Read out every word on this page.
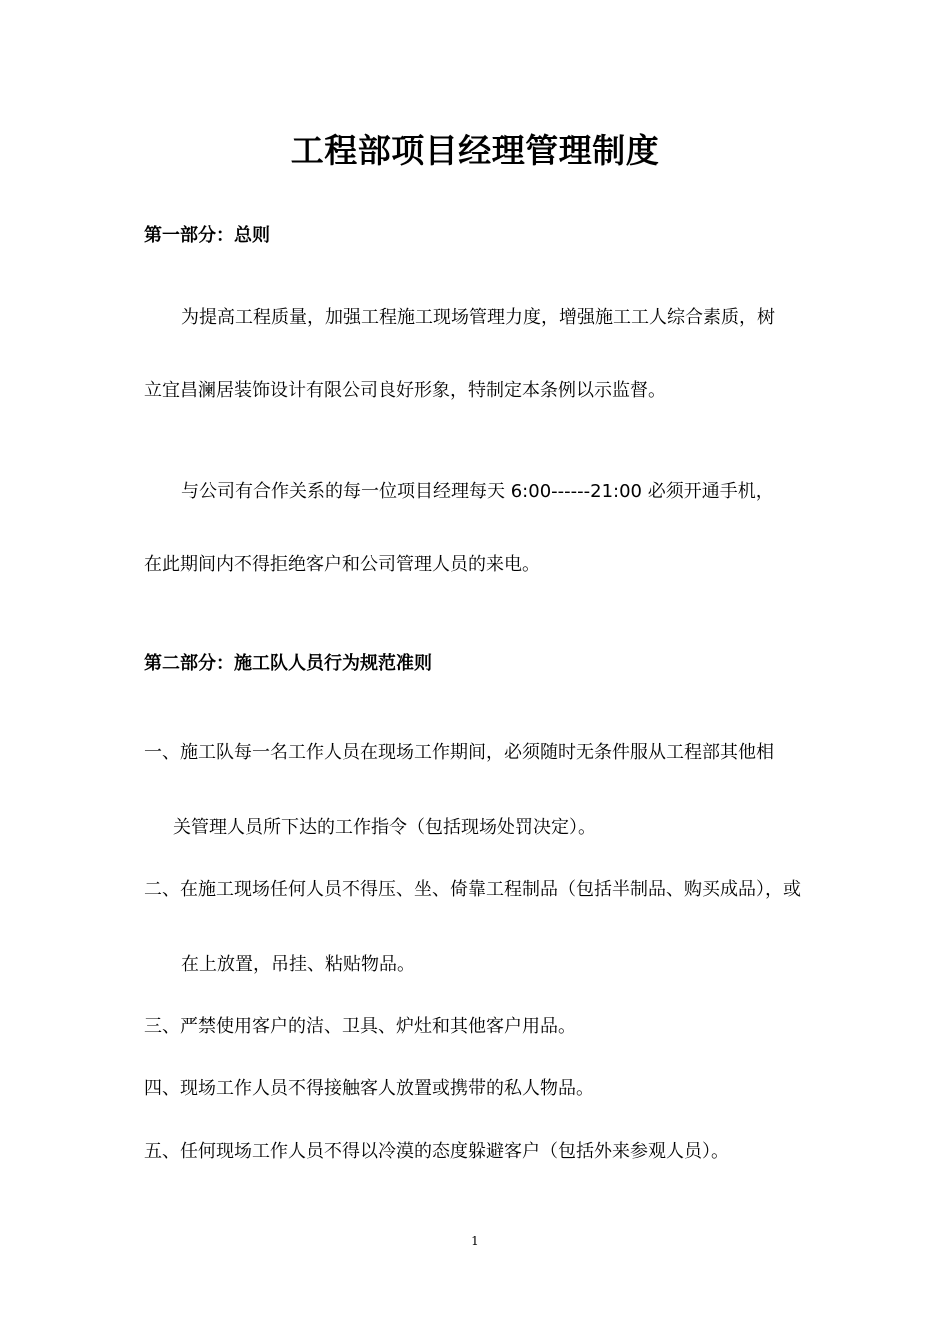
工程部项目经理管理制度
第一部分：总则
为提高工程质量，加强工程施工现场管理力度，增强施工工人综合素质，树
立宜昌澜居装饰设计有限公司良好形象，特制定本条例以示监督。
与公司有合作关系的每一位项目经理每天 6:00------21:00 必须开通手机，
在此期间内不得拒绝客户和公司管理人员的来电。
第二部分：施工队人员行为规范准则
一、施工队每一名工作人员在现场工作期间，必须随时无条件服从工程部其他相
关管理人员所下达的工作指令（包括现场处罚决定）。
二、在施工现场任何人员不得压、坐、倚靠工程制品（包括半制品、购买成品），或
在上放置，吊挂、粘贴物品。
三、严禁使用客户的洁、卫具、炉灶和其他客户用品。
四、现场工作人员不得接触客人放置或携带的私人物品。
五、任何现场工作人员不得以冷漠的态度躲避客户（包括外来参观人员）。
1
